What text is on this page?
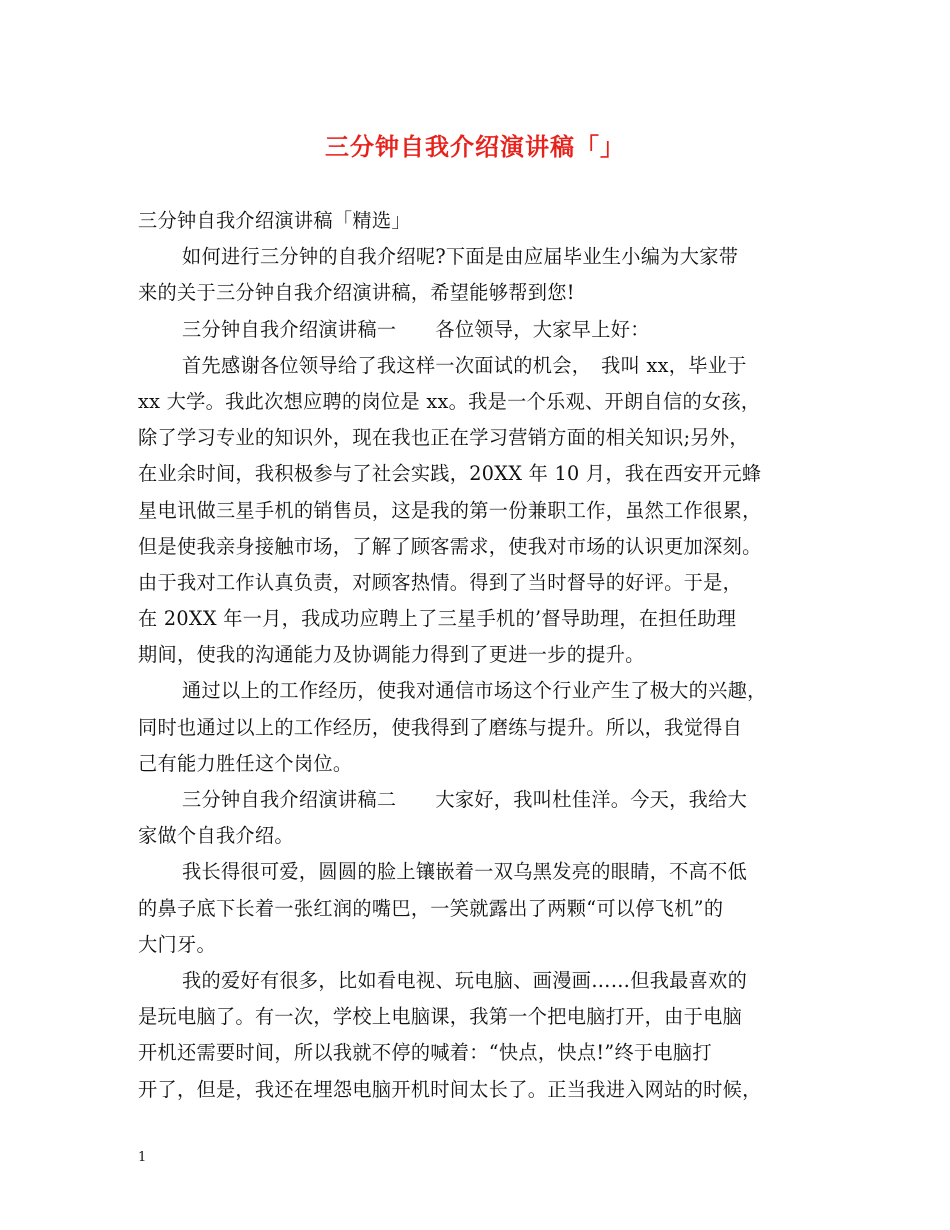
三分钟自我介绍演讲稿「」
三分钟自我介绍演讲稿「精选」
如何进行三分钟的自我介绍呢?下面是由应届毕业生小编为大家带
来的关于三分钟自我介绍演讲稿，希望能够帮到您!
三分钟自我介绍演讲稿一　　各位领导，大家早上好：
首先感谢各位领导给了我这样一次面试的机会，　我叫 xx，毕业于
xx 大学。我此次想应聘的岗位是 xx。我是一个乐观、开朗自信的女孩，
除了学习专业的知识外，现在我也正在学习营销方面的相关知识;另外，
在业余时间，我积极参与了社会实践，20XX 年 10 月，我在西安开元蜂
星电讯做三星手机的销售员，这是我的第一份兼职工作，虽然工作很累，
但是使我亲身接触市场，了解了顾客需求，使我对市场的认识更加深刻。
由于我对工作认真负责，对顾客热情。得到了当时督导的好评。于是，
在 20XX 年一月，我成功应聘上了三星手机的’督导助理，在担任助理
期间，使我的沟通能力及协调能力得到了更进一步的提升。
通过以上的工作经历，使我对通信市场这个行业产生了极大的兴趣，
同时也通过以上的工作经历，使我得到了磨练与提升。所以，我觉得自
己有能力胜任这个岗位。
三分钟自我介绍演讲稿二　　大家好，我叫杜佳洋。今天，我给大
家做个自我介绍。
我长得很可爱，圆圆的脸上镶嵌着一双乌黑发亮的眼睛，不高不低
的鼻子底下长着一张红润的嘴巴，一笑就露出了两颗“可以停飞机”的
大门牙。
我的爱好有很多，比如看电视、玩电脑、画漫画……但我最喜欢的
是玩电脑了。有一次，学校上电脑课，我第一个把电脑打开，由于电脑
开机还需要时间，所以我就不停的喊着：“快点，快点!”终于电脑打
开了，但是，我还在埋怨电脑开机时间太长了。正当我进入网站的时候，
1
